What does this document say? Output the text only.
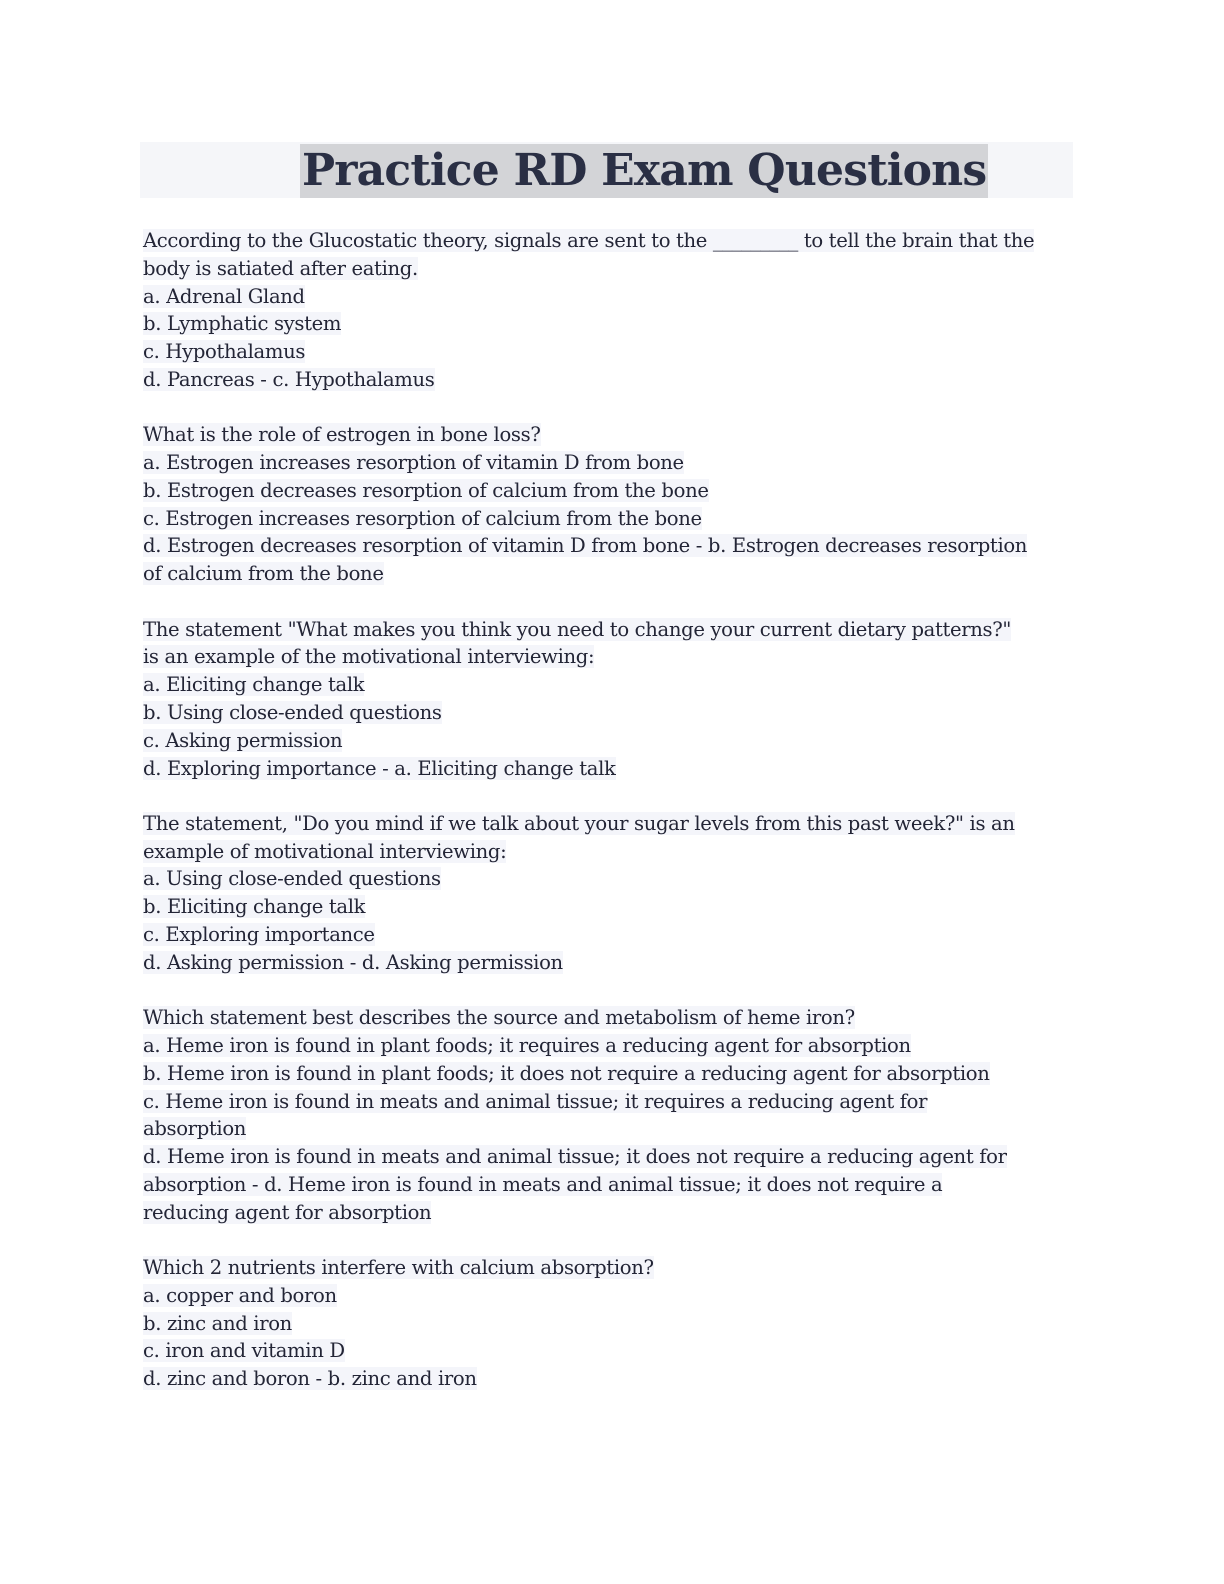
Practice RD Exam Questions
According to the Glucostatic theory, signals are sent to the _________ to tell the brain that the
body is satiated after eating.
a. Adrenal Gland
b. Lymphatic system
c. Hypothalamus
d. Pancreas - c. Hypothalamus
What is the role of estrogen in bone loss?
a. Estrogen increases resorption of vitamin D from bone
b. Estrogen decreases resorption of calcium from the bone
c. Estrogen increases resorption of calcium from the bone
d. Estrogen decreases resorption of vitamin D from bone - b. Estrogen decreases resorption
of calcium from the bone
The statement "What makes you think you need to change your current dietary patterns?"
is an example of the motivational interviewing:
a. Eliciting change talk
b. Using close-ended questions
c. Asking permission
d. Exploring importance - a. Eliciting change talk
The statement, "Do you mind if we talk about your sugar levels from this past week?" is an
example of motivational interviewing:
a. Using close-ended questions
b. Eliciting change talk
c. Exploring importance
d. Asking permission - d. Asking permission
Which statement best describes the source and metabolism of heme iron?
a. Heme iron is found in plant foods; it requires a reducing agent for absorption
b. Heme iron is found in plant foods; it does not require a reducing agent for absorption
c. Heme iron is found in meats and animal tissue; it requires a reducing agent for
absorption
d. Heme iron is found in meats and animal tissue; it does not require a reducing agent for
absorption - d. Heme iron is found in meats and animal tissue; it does not require a
reducing agent for absorption
Which 2 nutrients interfere with calcium absorption?
a. copper and boron
b. zinc and iron
c. iron and vitamin D
d. zinc and boron - b. zinc and iron
